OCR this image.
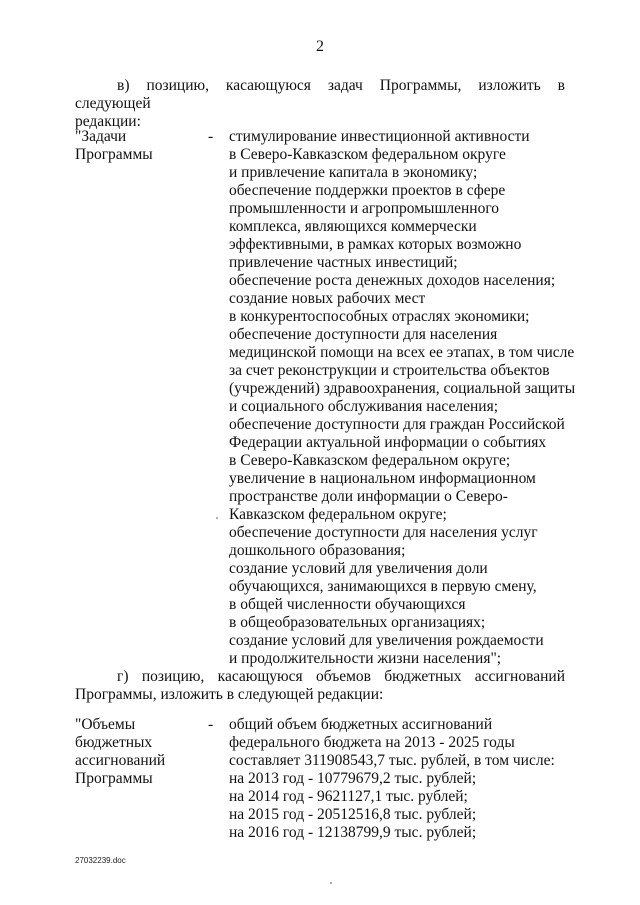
2
в) позицию, касающуюся задач Программы, изложить в следующей
редакции:
"Задачи
Программы
- стимулирование инвестиционной активности
в Северо-Кавказском федеральном округе
и привлечение капитала в экономику;
обеспечение поддержки проектов в сфере
промышленности и агропромышленного
комплекса, являющихся коммерчески
эффективными, в рамках которых возможно
привлечение частных инвестиций;
обеспечение роста денежных доходов населения;
создание новых рабочих мест
в конкурентоспособных отраслях экономики;
обеспечение доступности для населения
медицинской помощи на всех ее этапах, в том числе
за счет реконструкции и строительства объектов
(учреждений) здравоохранения, социальной защиты
и социального обслуживания населения;
обеспечение доступности для граждан Российской
Федерации актуальной информации о событиях
в Северо-Кавказском федеральном округе;
увеличение в национальном информационном
пространстве доли информации о Северо-
Кавказском федеральном округе;
обеспечение доступности для населения услуг
дошкольного образования;
создание условий для увеличения доли
обучающихся, занимающихся в первую смену,
в общей численности обучающихся
в общеобразовательных организациях;
создание условий для увеличения рождаемости
и продолжительности жизни населения";
г) позицию, касающуюся объемов бюджетных ассигнований
Программы, изложить в следующей редакции:
"Объемы
бюджетных
ассигнований
Программы
- общий объем бюджетных ассигнований
федерального бюджета на 2013 - 2025 годы
составляет 311908543,7 тыс. рублей, в том числе:
на 2013 год - 10779679,2 тыс. рублей;
на 2014 год - 9621127,1 тыс. рублей;
на 2015 год - 20512516,8 тыс. рублей;
на 2016 год - 12138799,9 тыс. рублей;
27032239.doc
